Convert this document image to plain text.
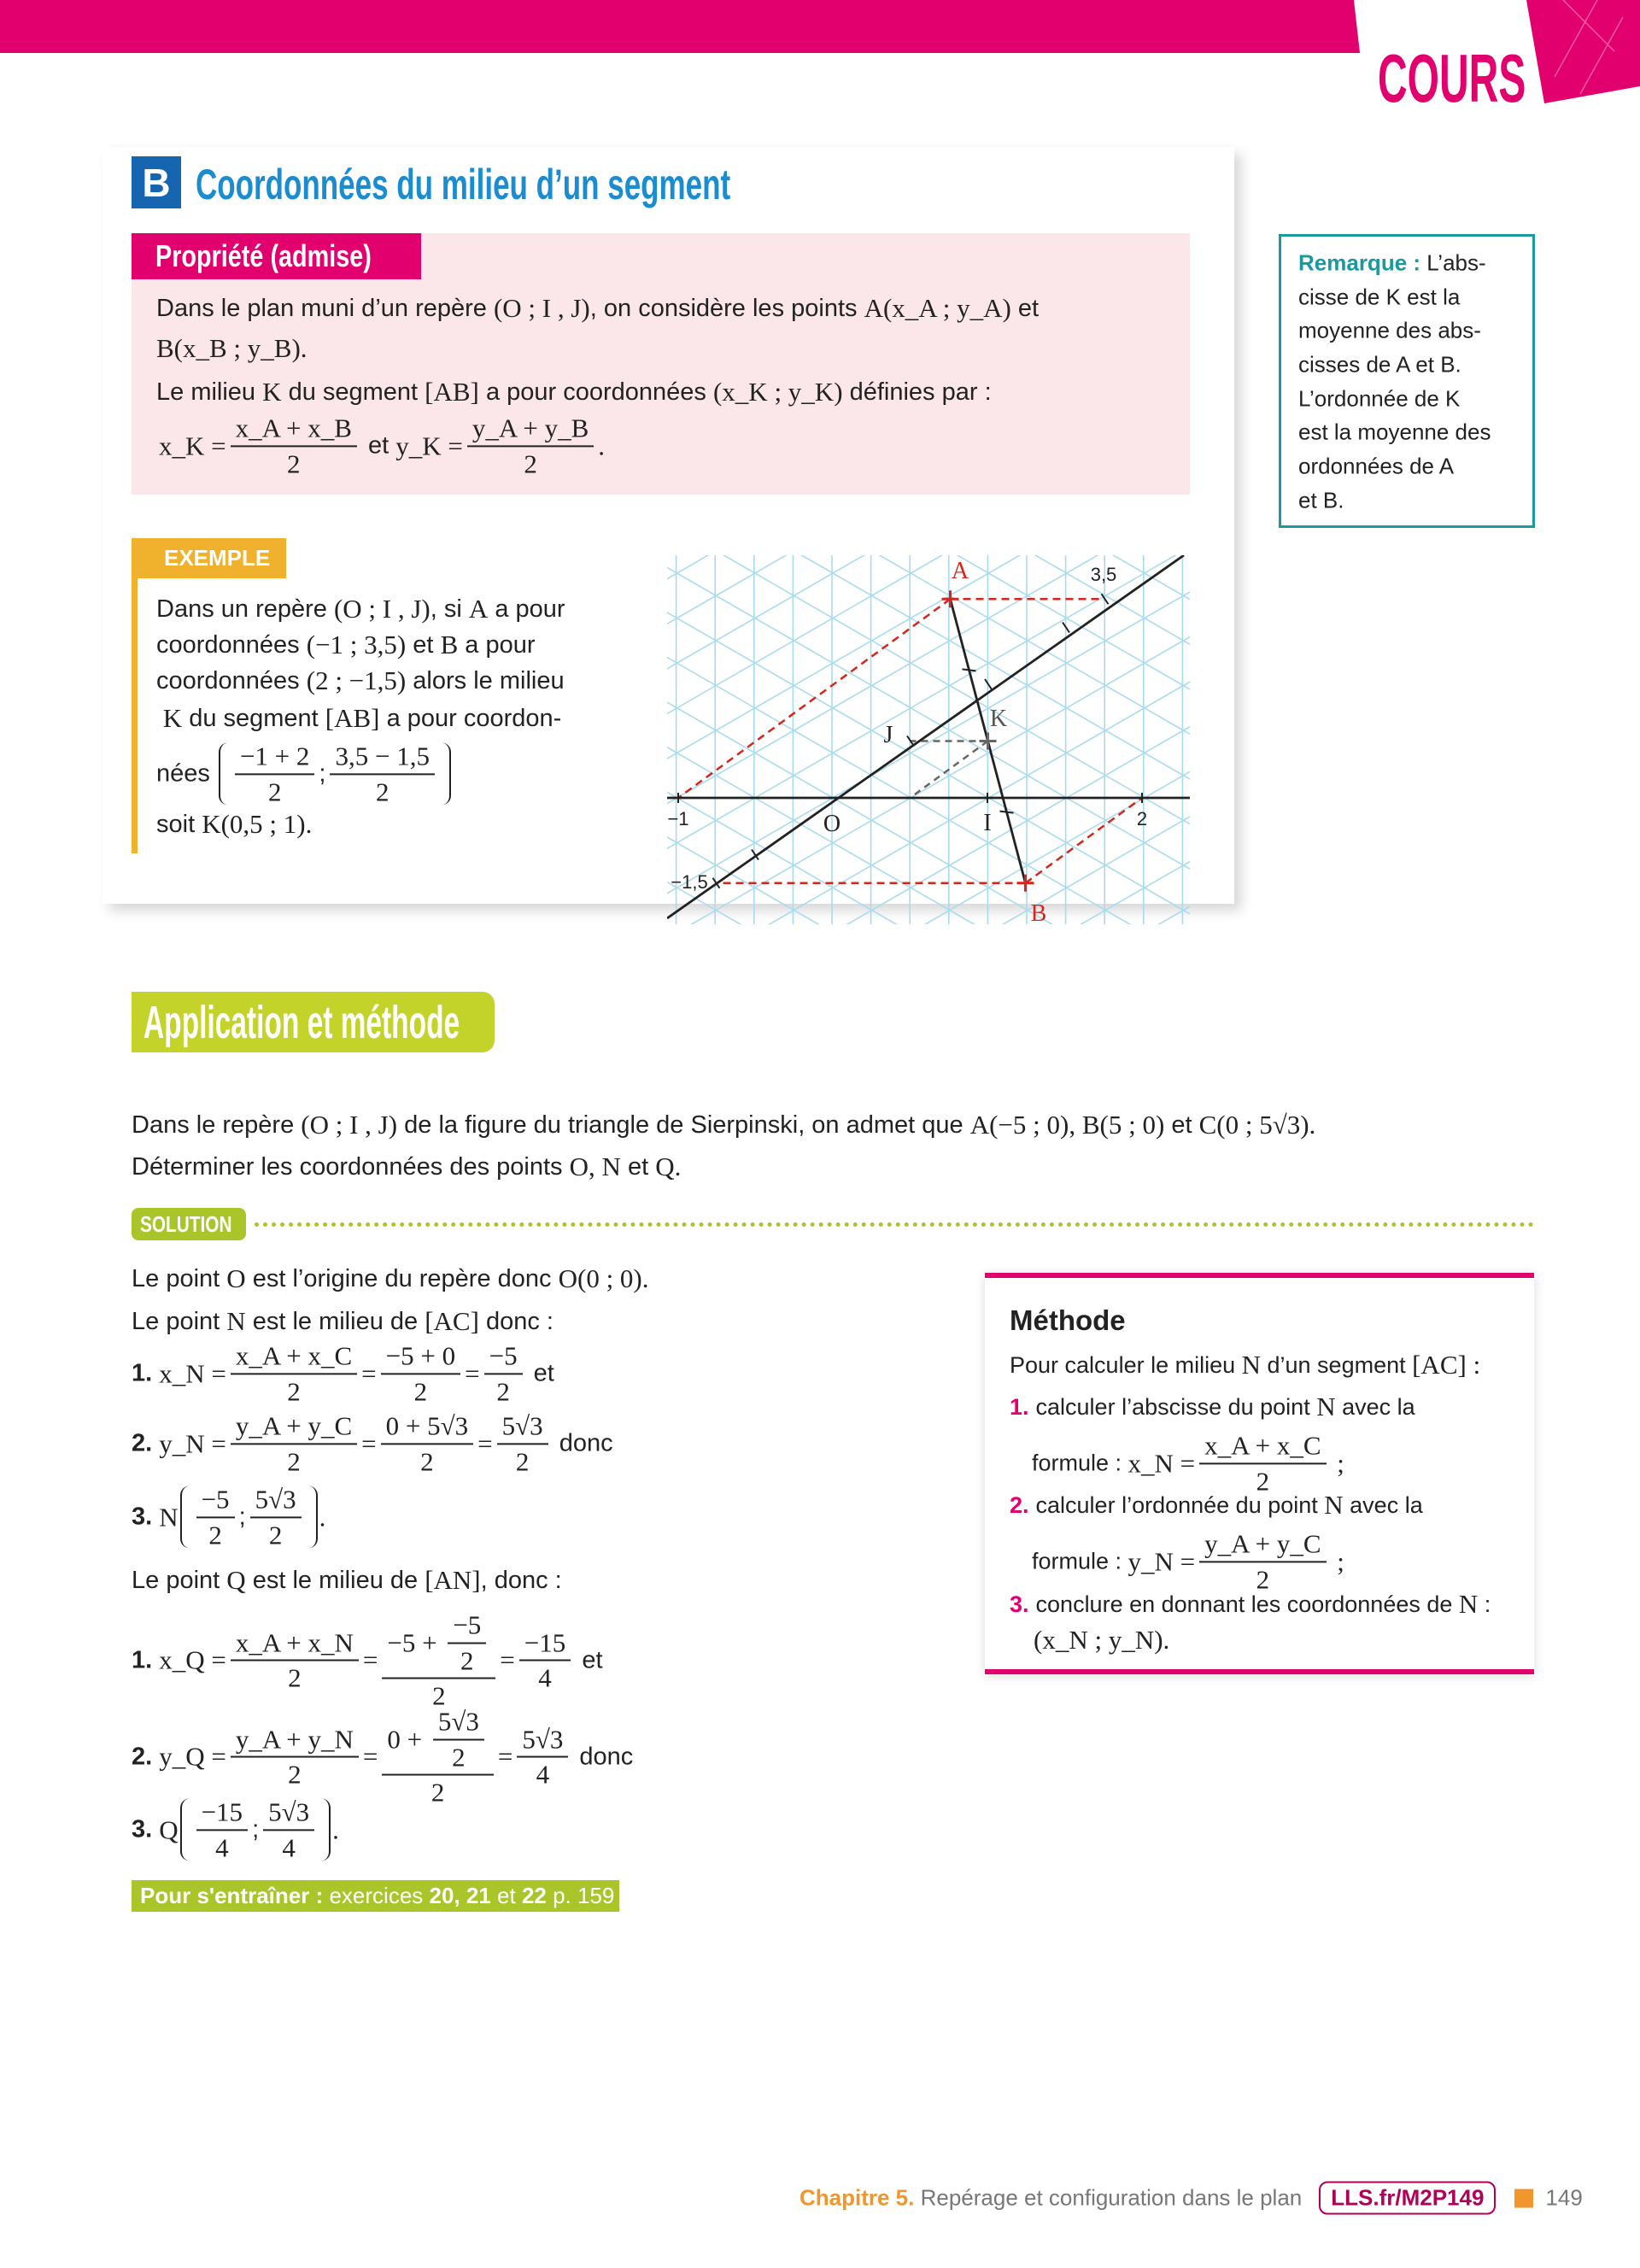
COURS
B Coordonnées du milieu d’un segment
Propriété (admise)
Dans le plan muni d’un repère (O ; I , J) , on considère les points A(x_A ; y_A) et
B(x_B ; y_B).
Le milieu K du segment [AB] a pour coordonnées (x_K ; y_K) définies par :
x_K = $\frac{x\_A + x\_B}{2}$ et y_K = $\frac{y\_A + y\_B}{2}$ .
Remarque : L’abs-
cisse de K est la
moyenne des abs-
cisses de A et B.
L’ordonnée de K
est la moyenne des
ordonnées de A
et B.
EXEMPLE
Dans un repère (O ; I , J) , si A a pour
coordonnées (−1 ; 3,5) et B a pour
coordonnées (2 ; −1,5) alors le milieu
K du segment [AB] a pour coordon-
nées $\frac{-1 + 2}{2}$ ; $\frac{3,5 - 1,5}{2}$
soit K(0,5 ; 1).
A
B
K
J
O	I
−1	2
3,5
−1,5
Application et méthode
Dans le repère (O ; I , J) de la figure du triangle de Sierpinski, on admet que A(−5 ; 0), B(5 ; 0) et C(0 ; 5√3).
Déterminer les coordonnées des points O, N et Q.
SOLUTION
Le point O est l’origine du repère donc O(0 ; 0).
Le point N est le milieu de [AC] donc :
1. x_N = $\frac{x\_A + x\_C}{2} = \frac{-5 + 0}{2} = \frac{-5}{2}$ et
2. y_N = $\frac{y\_A + y\_C}{2} = \frac{0 + 5√3}{2} = \frac{5√3}{2}$ donc
3. N $\frac{-5}{2}$ ; $\frac{5√3}{2}$ .
Le point Q est le milieu de [AN] , donc :
1. x_Q = $\frac{x\_A + x\_N}{2} = \frac{-5 + \frac{-5}{2}}{2} = \frac{-15}{4}$ et
2. y_Q = $\frac{y\_A + y\_N}{2} = \frac{0 + \frac{5√3}{2}}{2} = \frac{5√3}{4}$ donc
3. Q $\frac{-15}{4}$ ; $\frac{5√3}{4}$ .
Pour s'entraîner : exercices 20, 21 et 22 p. 159
Méthode
Pour calculer le milieu N d’un segment [AC] :
1. calculer l’abscisse du point N avec la
formule : x_N = $\frac{x\_A + x\_C}{2}$ ;
2. calculer l’ordonnée du point N avec la
formule : y_N = $\frac{y\_A + y\_C}{2}$ ;
3. conclure en donnant les coordonnées de N :
(x_N ; y_N).
Chapitre 5. Repérage et configuration dans le plan	LLS.fr/M2P149	149
